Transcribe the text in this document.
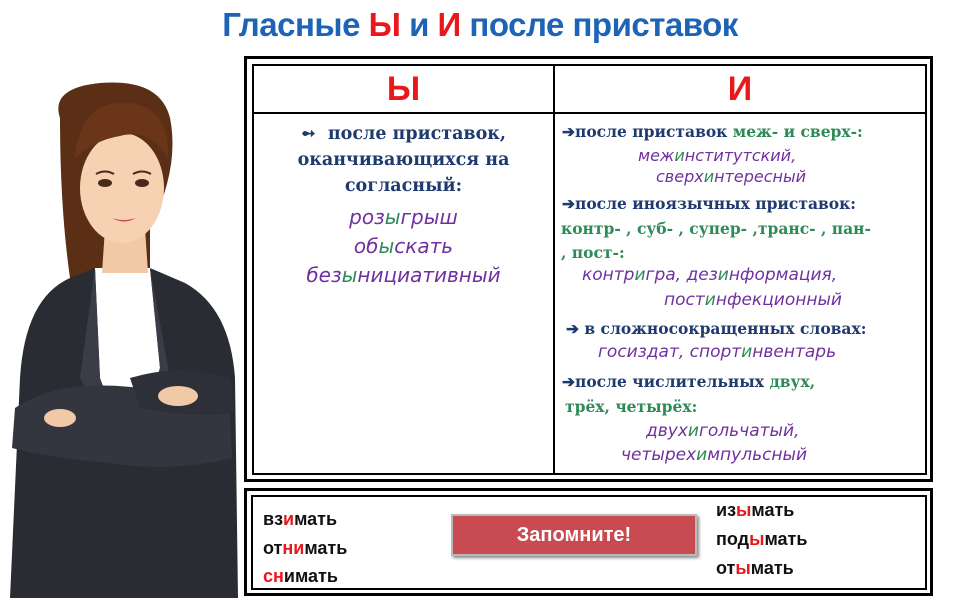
Гласные Ы и И после приставок
Ы	И
➻ после приставок,
оканчивающихся на
согласный:
розыгрыш
обыскать
безынициативный
➔после приставок меж- и сверх-:
межинститутский,
сверхинтересный
➔после иноязычных приставок:
контр- , суб- , супер- ,транс- , пан-
, пост-:
контригра, дезинформация,
постинфекционный
➔ в сложносокращенных словах:
госиздат, спортинвентарь
➔после числительных двух,
трёх, четырёх:
двухигольчатый,
четырехимпульсный
взимать
отнимать
снимать
Запомните!
изымать
подымать
отымать
